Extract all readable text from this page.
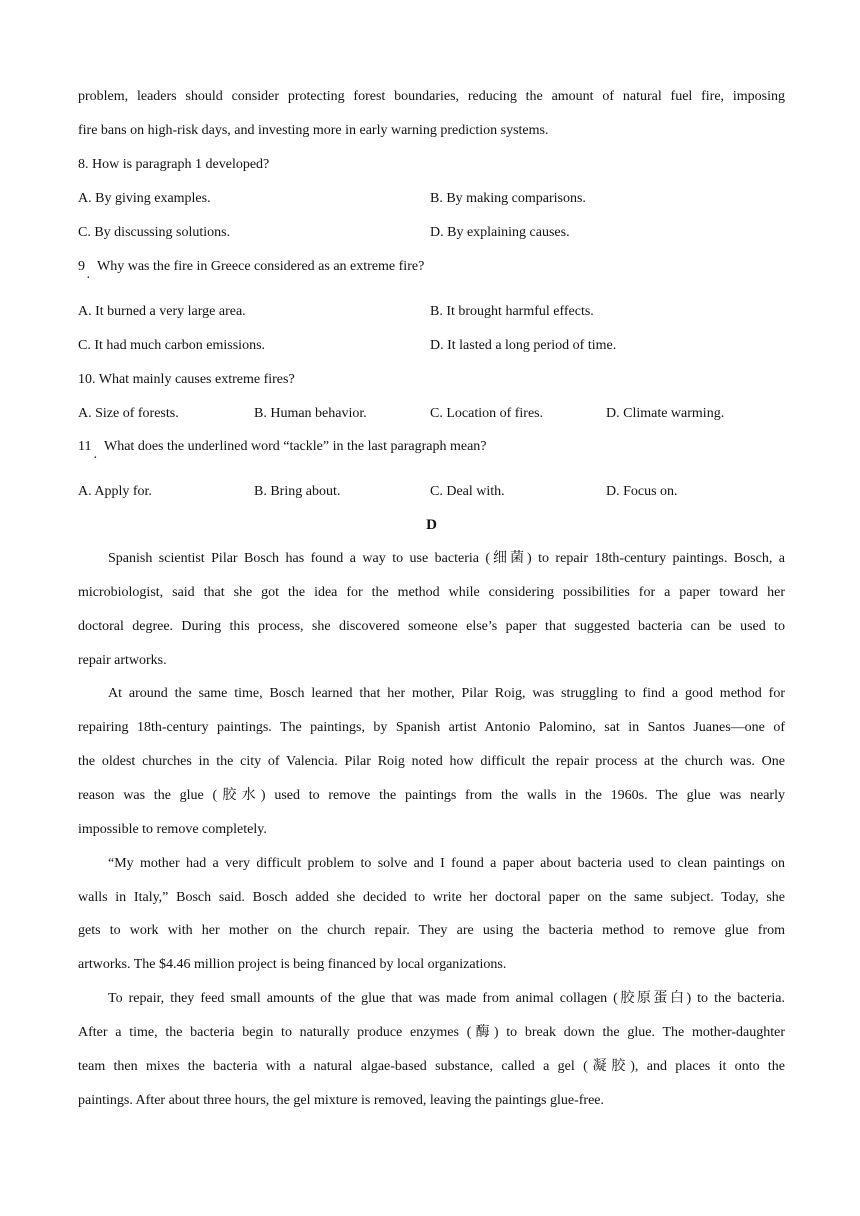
problem, leaders should consider protecting forest boundaries, reducing the amount of natural fuel fire, imposing
fire bans on high-risk days, and investing more in early warning prediction systems.
8. How is paragraph 1 developed?
A. By giving examples.	B. By making comparisons.
C. By discussing solutions.	D. By explaining causes.
9
·
Why was the fire in Greece considered as an extreme fire?
A. It burned a very large area.	B. It brought harmful effects.
C. It had much carbon emissions.	D. It lasted a long period of time.
10. What mainly causes extreme fires?
A. Size of forests.	B. Human behavior.	C. Location of fires.	D. Climate warming.
11
·
What does the underlined word “tackle” in the last paragraph mean?
A. Apply for.	B. Bring about.	C. Deal with.	D. Focus on.
D
Spanish scientist Pilar Bosch has found a way to use bacteria (细菌) to repair 18th-century paintings. Bosch, a
microbiologist, said that she got the idea for the method while considering possibilities for a paper toward her
doctoral degree. During this process, she discovered someone else’s paper that suggested bacteria can be used to
repair artworks.
At around the same time, Bosch learned that her mother, Pilar Roig, was struggling to find a good method for
repairing 18th-century paintings. The paintings, by Spanish artist Antonio Palomino, sat in Santos Juanes—one of
the oldest churches in the city of Valencia. Pilar Roig noted how difficult the repair process at the church was. One
reason was the glue (胶水) used to remove the paintings from the walls in the 1960s. The glue was nearly
impossible to remove completely.
“My mother had a very difficult problem to solve and I found a paper about bacteria used to clean paintings on
walls in Italy,” Bosch said. Bosch added she decided to write her doctoral paper on the same subject. Today, she
gets to work with her mother on the church repair. They are using the bacteria method to remove glue from
artworks. The $4.46 million project is being financed by local organizations.
To repair, they feed small amounts of the glue that was made from animal collagen (胶原蛋白) to the bacteria.
After a time, the bacteria begin to naturally produce enzymes (酶) to break down the glue. The mother-daughter
team then mixes the bacteria with a natural algae-based substance, called a gel (凝胶), and places it onto the
paintings. After about three hours, the gel mixture is removed, leaving the paintings glue-free.
